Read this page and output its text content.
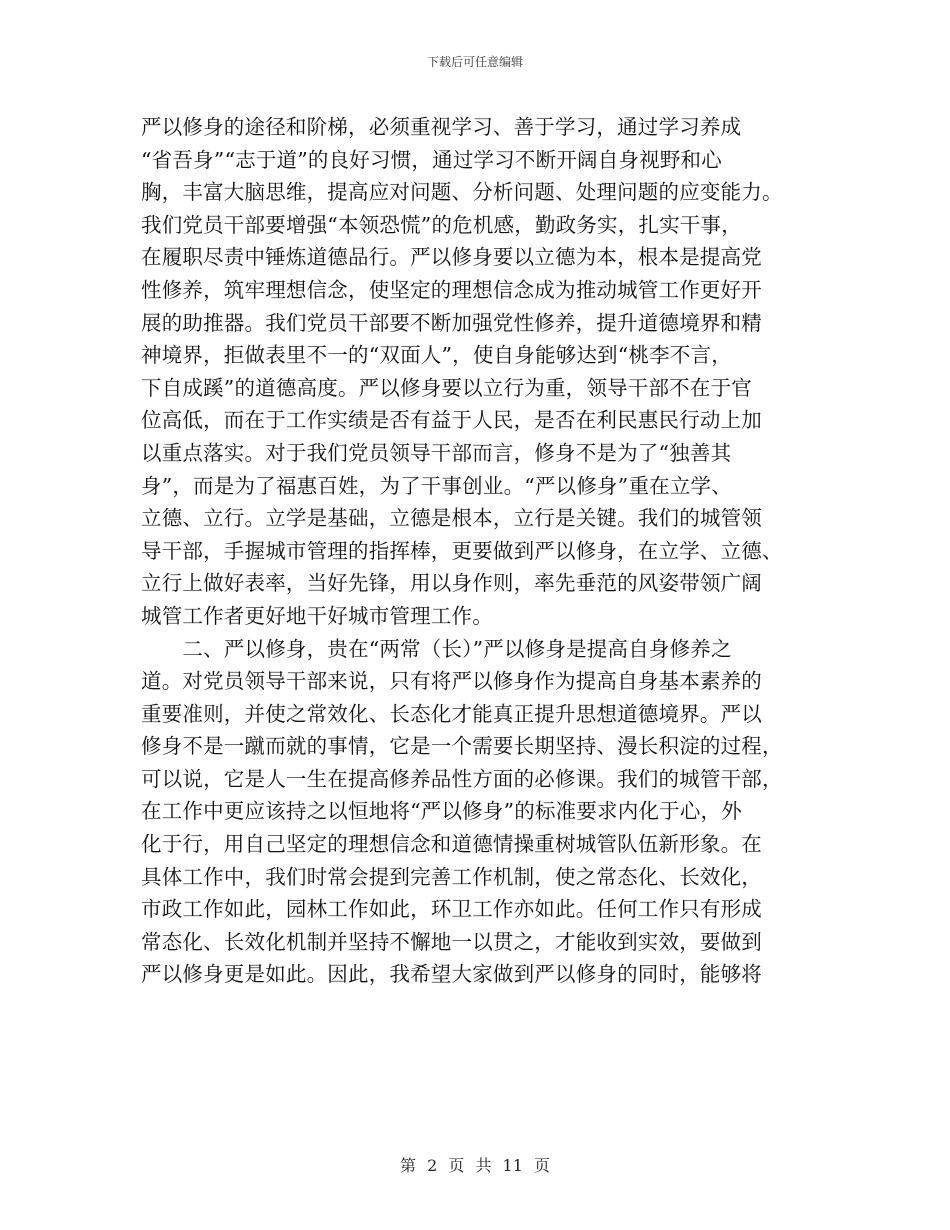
下载后可任意编辑
严以修身的途径和阶梯，必须重视学习、善于学习，通过学习养成
“省吾身”“志于道”的良好习惯，通过学习不断开阔自身视野和心
胸，丰富大脑思维，提高应对问题、分析问题、处理问题的应变能力。
我们党员干部要增强“本领恐慌”的危机感，勤政务实，扎实干事，
在履职尽责中锤炼道德品行。严以修身要以立德为本，根本是提高党
性修养，筑牢理想信念，使坚定的理想信念成为推动城管工作更好开
展的助推器。我们党员干部要不断加强党性修养，提升道德境界和精
神境界，拒做表里不一的“双面人”，使自身能够达到“桃李不言，
下自成蹊”的道德高度。严以修身要以立行为重，领导干部不在于官
位高低，而在于工作实绩是否有益于人民，是否在利民惠民行动上加
以重点落实。对于我们党员领导干部而言，修身不是为了“独善其
身”，而是为了福惠百姓，为了干事创业。“严以修身”重在立学、
立德、立行。立学是基础，立德是根本，立行是关键。我们的城管领
导干部，手握城市管理的指挥棒，更要做到严以修身，在立学、立德、
立行上做好表率，当好先锋，用以身作则，率先垂范的风姿带领广阔
城管工作者更好地干好城市管理工作。
　　二、严以修身，贵在“两常（长）”严以修身是提高自身修养之
道。对党员领导干部来说，只有将严以修身作为提高自身基本素养的
重要准则，并使之常效化、长态化才能真正提升思想道德境界。严以
修身不是一蹴而就的事情，它是一个需要长期坚持、漫长积淀的过程，
可以说，它是人一生在提高修养品性方面的必修课。我们的城管干部，
在工作中更应该持之以恒地将“严以修身”的标准要求内化于心，外
化于行，用自己坚定的理想信念和道德情操重树城管队伍新形象。在
具体工作中，我们时常会提到完善工作机制，使之常态化、长效化，
市政工作如此，园林工作如此，环卫工作亦如此。任何工作只有形成
常态化、长效化机制并坚持不懈地一以贯之，才能收到实效，要做到
严以修身更是如此。因此，我希望大家做到严以修身的同时，能够将
第 2 页 共 11 页
